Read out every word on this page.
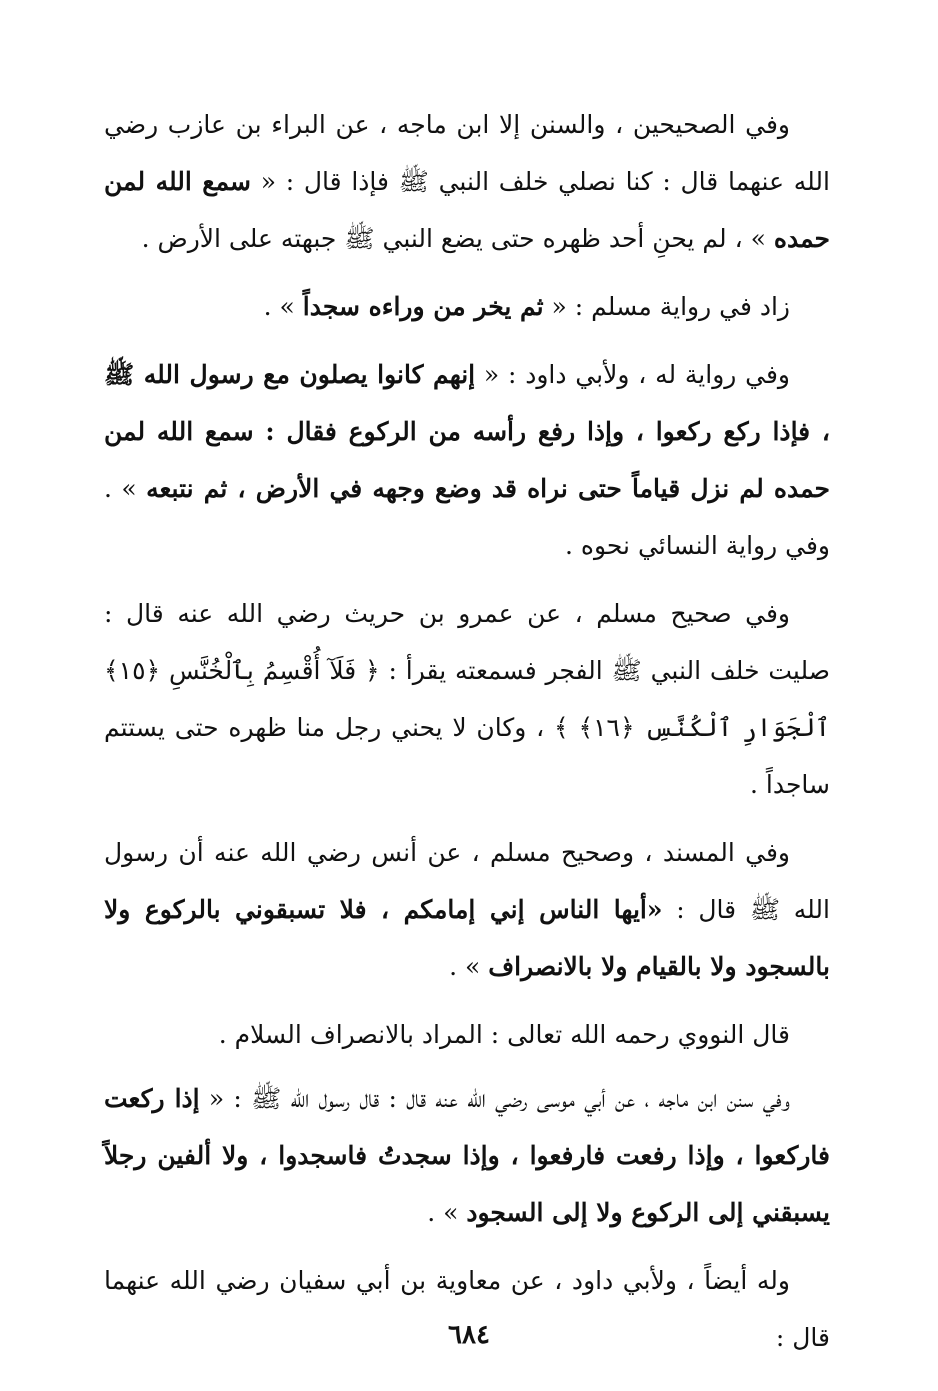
وفي الصحيحين ، والسنن إلا ابن ماجه ، عن البراء بن عازب رضي الله عنهما قال : كنا نصلي خلف النبي ﷺ فإذا قال : « سمع الله لمن حمده » ، لم يحنِ أحد ظهره حتى يضع النبي ﷺ جبهته على الأرض .

زاد في رواية مسلم : « ثم يخر من وراءه سجداً » .

وفي رواية له ، ولأبي داود : « إنهم كانوا يصلون مع رسول الله ﷺ ، فإذا ركع ركعوا ، وإذا رفع رأسه من الركوع فقال : سمع الله لمن حمده لم نزل قياماً حتى نراه قد وضع وجهه في الأرض ، ثم نتبعه » . وفي رواية النسائي نحوه .

وفي صحيح مسلم ، عن عمرو بن حريث رضي الله عنه قال : صليت خلف النبي ﷺ الفجر فسمعته يقرأ : ﴿ فَلَآ أُقْسِمُ بِٱلْخُنَّسِ ﴿١٥﴾ ٱلْجَوَارِ ٱلْكُنَّسِ ﴿١٦﴾ ﴾ ، وكان لا يحني رجل منا ظهره حتى يستتم ساجداً .

وفي المسند ، وصحيح مسلم ، عن أنس رضي الله عنه أن رسول الله ﷺ قال : «أيها الناس إني إمامكم ، فلا تسبقوني بالركوع ولا بالسجود ولا بالقيام ولا بالانصراف » .

قال النووي رحمه الله تعالى : المراد بالانصراف السلام .

وفي سنن ابن ماجه ، عن أبي موسى رضي الله عنه قال : قال رسول الله ﷺ : « إذا ركعت فاركعوا ، وإذا رفعت فارفعوا ، وإذا سجدتُ فاسجدوا ، ولا ألفين رجلاً يسبقني إلى الركوع ولا إلى السجود » .

وله أيضاً ، ولأبي داود ، عن معاوية بن أبي سفيان رضي الله عنهما قال :

٦٨٤
